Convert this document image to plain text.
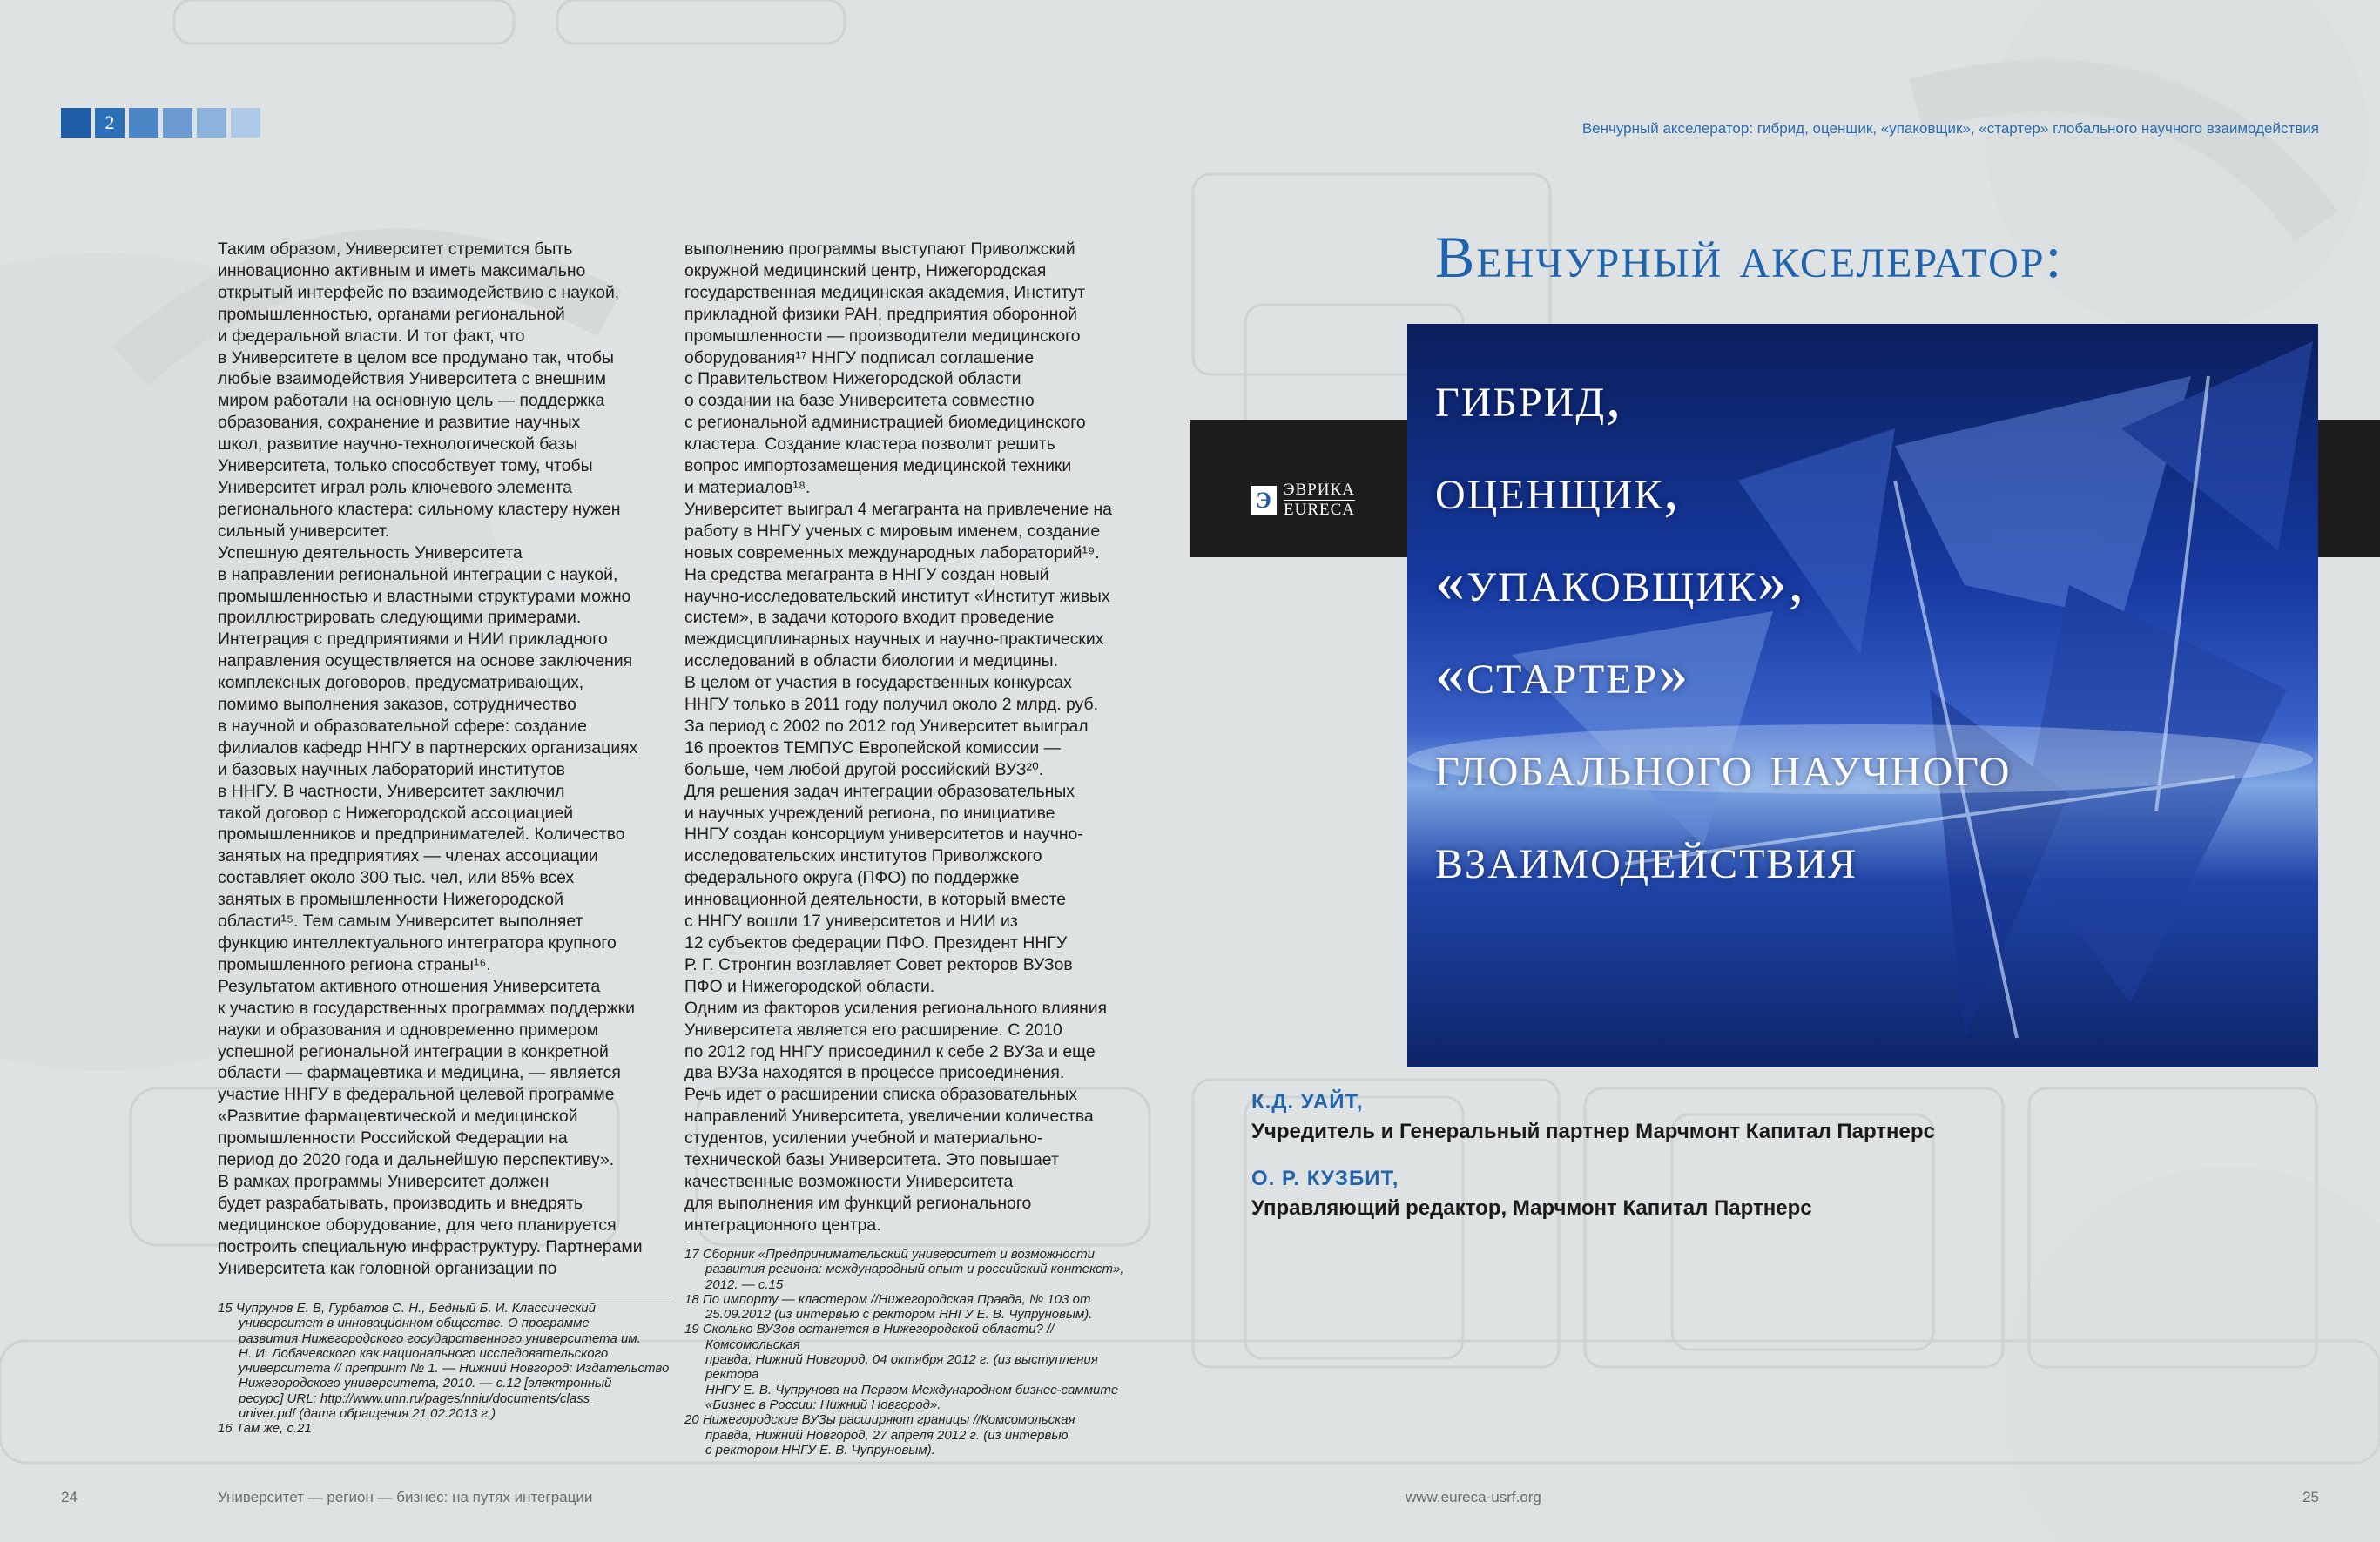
2	Венчурный акселератор: гибрид, оценщик, «упаковщик», «стартер» глобального научного взаимодействия

Таким образом, Университет стремится быть
инновационно активным и иметь максимально
открытый интерфейс по взаимодействию с наукой,
промышленностью, органами региональной
и федеральной власти. И тот факт, что
в Университете в целом все продумано так, чтобы
любые взаимодействия Университета с внешним
миром работали на основную цель — поддержка
образования, сохранение и развитие научных
школ, развитие научно-технологической базы
Университета, только способствует тому, чтобы
Университет играл роль ключевого элемента
регионального кластера: сильному кластеру нужен
сильный университет.

Успешную деятельность Университета
в направлении региональной интеграции с наукой,
промышленностью и властными структурами можно
проиллюстрировать следующими примерами.

Интеграция с предприятиями и НИИ прикладного
направления осуществляется на основе заключения
комплексных договоров, предусматривающих,
помимо выполнения заказов, сотрудничество
в научной и образовательной сфере: создание
филиалов кафедр ННГУ в партнерских организациях
и базовых научных лабораторий институтов
в ННГУ. В частности, Университет заключил
такой договор с Нижегородской ассоциацией
промышленников и предпринимателей. Количество
занятых на предприятиях — членах ассоциации
составляет около 300 тыс. чел, или 85% всех
занятых в промышленности Нижегородской
области¹⁵. Тем самым Университет выполняет
функцию интеллектуального интегратора крупного
промышленного региона страны¹⁶.

Результатом активного отношения Университета
к участию в государственных программах поддержки
науки и образования и одновременно примером
успешной региональной интеграции в конкретной
области — фармацевтика и медицина, — является
участие ННГУ в федеральной целевой программе
«Развитие фармацевтической и медицинской
промышленности Российской Федерации на
период до 2020 года и дальнейшую перспективу».

В рамках программы Университет должен
будет разрабатывать, производить и внедрять
медицинское оборудование, для чего планируется
построить специальную инфраструктуру. Партнерами
Университета как головной организации по

выполнению программы выступают Приволжский
окружной медицинский центр, Нижегородская
государственная медицинская академия, Институт
прикладной физики РАН, предприятия оборонной
промышленности — производители медицинского
оборудования¹⁷ ННГУ подписал соглашение
с Правительством Нижегородской области
о создании на базе Университета совместно
с региональной администрацией биомедицинского
кластера. Создание кластера позволит решить
вопрос импортозамещения медицинской техники
и материалов¹⁸.

Университет выиграл 4 мегагранта на привлечение на
работу в ННГУ ученых с мировым именем, создание
новых современных международных лабораторий¹⁹.
На средства мегагранта в ННГУ создан новый
научно-исследовательский институт «Институт живых
систем», в задачи которого входит проведение
междисциплинарных научных и научно-практических
исследований в области биологии и медицины.

В целом от участия в государственных конкурсах
ННГУ только в 2011 году получил около 2 млрд. руб.
За период с 2002 по 2012 год Университет выиграл
16 проектов ТЕМПУС Европейской комиссии —
больше, чем любой другой российский ВУЗ²⁰.

Для решения задач интеграции образовательных
и научных учреждений региона, по инициативе
ННГУ создан консорциум университетов и научно-
исследовательских институтов Приволжского
федерального округа (ПФО) по поддержке
инновационной деятельности, в который вместе
с ННГУ вошли 17 университетов и НИИ из
12 субъектов федерации ПФО. Президент ННГУ
Р. Г. Стронгин возглавляет Совет ректоров ВУЗов
ПФО и Нижегородской области.

Одним из факторов усиления регионального влияния
Университета является его расширение. С 2010
по 2012 год ННГУ присоединил к себе 2 ВУЗа и еще
два ВУЗа находятся в процессе присоединения.
Речь идет о расширении списка образовательных
направлений Университета, увеличении количества
студентов, усилении учебной и материально-
технической базы Университета. Это повышает
качественные возможности Университета
для выполнения им функций регионального
интеграционного центра.

15 Чупрунов Е. В, Гурбатов С. Н., Бедный Б. И. Классический
университет в инновационном обществе. О программе
развития Нижегородского государственного университета им.
Н. И. Лобачевского как национального исследовательского
университета // препринт № 1. — Нижний Новгород: Издательство
Нижегородского университета, 2010. — с.12 [электронный
ресурс] URL: http://www.unn.ru/pages/nniu/documents/class_
univer.pdf (дата обращения 21.02.2013 г.)

16 Там же, с.21

17 Сборник «Предпринимательский университет и возможности
развития региона: международный опыт и российский контекст»,
2012. — с.15

18 По импорту — кластером //Нижегородская Правда, № 103 от
25.09.2012 (из интервью с ректором ННГУ Е. В. Чупруновым).

19 Сколько ВУЗов останется в Нижегородской области? //Комсомольская
правда, Нижний Новгород, 04 октября 2012 г. (из выступления ректора
ННГУ Е. В. Чупрунова на Первом Международном бизнес-саммите
«Бизнес в России: Нижний Новгород».

20 Нижегородские ВУЗы расширяют границы //Комсомольская
правда, Нижний Новгород, 27 апреля 2012 г. (из интервью
с ректором ННГУ Е. В. Чупруновым).

Венчурный акселератор:
Э ЭВРИКА
EURECA
гибрид,
оценщик,
«упаковщик»,
«стартер»
глобального научного
взаимодействия

К.Д. УАЙТ,

Учредитель и Генеральный партнер Марчмонт Капитал Партнерс

О. Р. КУЗБИТ,

Управляющий редактор, Марчмонт Капитал Партнерс

24	Университет — регион — бизнес: на путях интеграции	www.eureca-usrf.org	25
